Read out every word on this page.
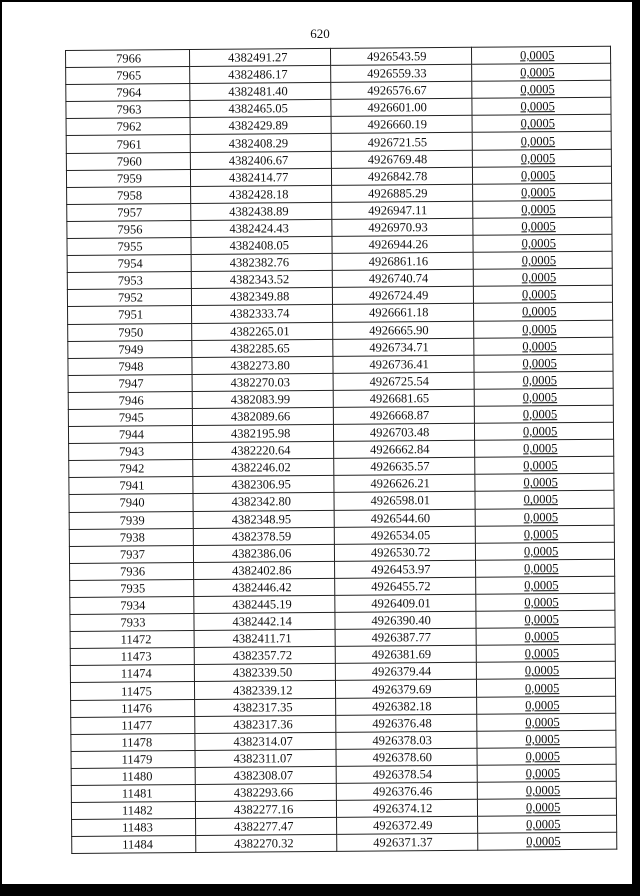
620
7966	4382491.27	4926543.59	0,0005
7965	4382486.17	4926559.33	0,0005
7964	4382481.40	4926576.67	0,0005
7963	4382465.05	4926601.00	0,0005
7962	4382429.89	4926660.19	0,0005
7961	4382408.29	4926721.55	0,0005
7960	4382406.67	4926769.48	0,0005
7959	4382414.77	4926842.78	0,0005
7958	4382428.18	4926885.29	0,0005
7957	4382438.89	4926947.11	0,0005
7956	4382424.43	4926970.93	0,0005
7955	4382408.05	4926944.26	0,0005
7954	4382382.76	4926861.16	0,0005
7953	4382343.52	4926740.74	0,0005
7952	4382349.88	4926724.49	0,0005
7951	4382333.74	4926661.18	0,0005
7950	4382265.01	4926665.90	0,0005
7949	4382285.65	4926734.71	0,0005
7948	4382273.80	4926736.41	0,0005
7947	4382270.03	4926725.54	0,0005
7946	4382083.99	4926681.65	0,0005
7945	4382089.66	4926668.87	0,0005
7944	4382195.98	4926703.48	0,0005
7943	4382220.64	4926662.84	0,0005
7942	4382246.02	4926635.57	0,0005
7941	4382306.95	4926626.21	0,0005
7940	4382342.80	4926598.01	0,0005
7939	4382348.95	4926544.60	0,0005
7938	4382378.59	4926534.05	0,0005
7937	4382386.06	4926530.72	0,0005
7936	4382402.86	4926453.97	0,0005
7935	4382446.42	4926455.72	0,0005
7934	4382445.19	4926409.01	0,0005
7933	4382442.14	4926390.40	0,0005
11472	4382411.71	4926387.77	0,0005
11473	4382357.72	4926381.69	0,0005
11474	4382339.50	4926379.44	0,0005
11475	4382339.12	4926379.69	0,0005
11476	4382317.35	4926382.18	0,0005
11477	4382317.36	4926376.48	0,0005
11478	4382314.07	4926378.03	0,0005
11479	4382311.07	4926378.60	0,0005
11480	4382308.07	4926378.54	0,0005
11481	4382293.66	4926376.46	0,0005
11482	4382277.16	4926374.12	0,0005
11483	4382277.47	4926372.49	0,0005
11484	4382270.32	4926371.37	0,0005
